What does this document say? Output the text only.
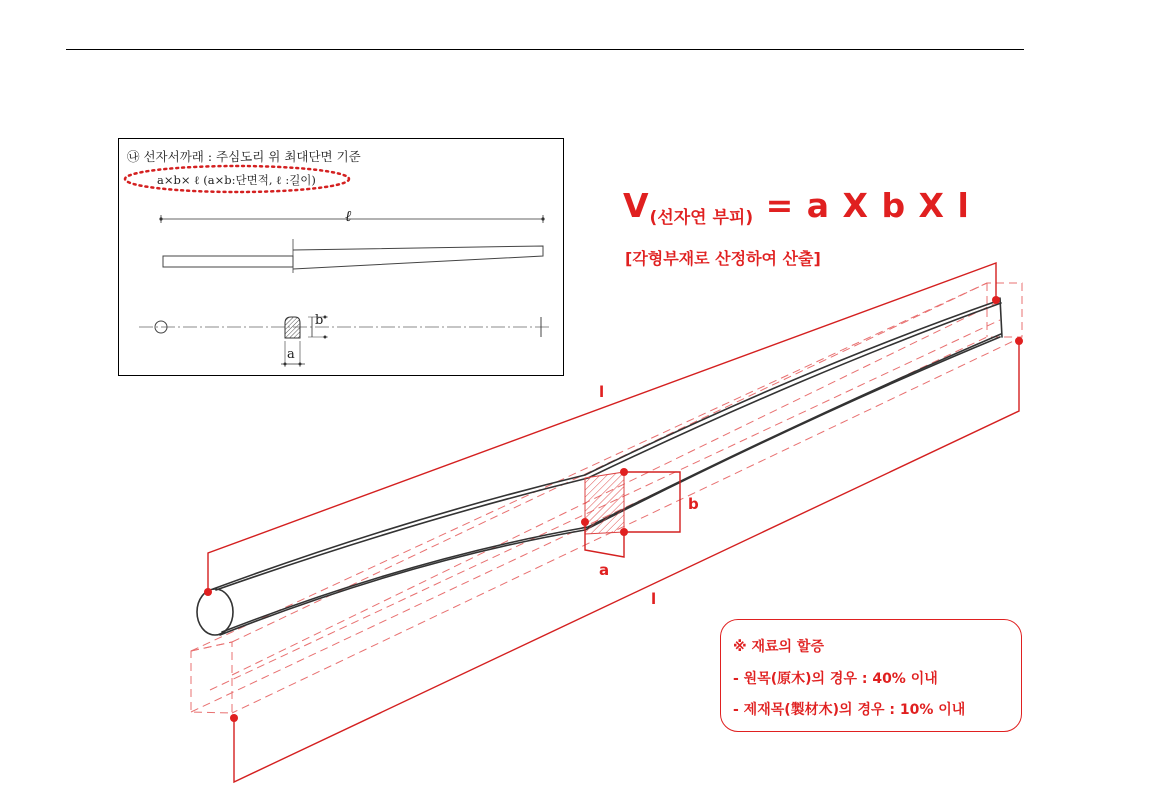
제7장 목공사
㉯ 선자서까래 : 주심도리 위 최대단면 기준
a×b× ℓ (a×b:단면적, ℓ :길이)
ℓ
b
a
$V_{(선자연 부피)} = a$ X b X l
[각형부재로 산정하여 산출]
l
l
a
b
※ 재료의 할증
- 원목(原木)의 경우 : 40% 이내
- 제재목(製材木)의 경우 : 10% 이내
